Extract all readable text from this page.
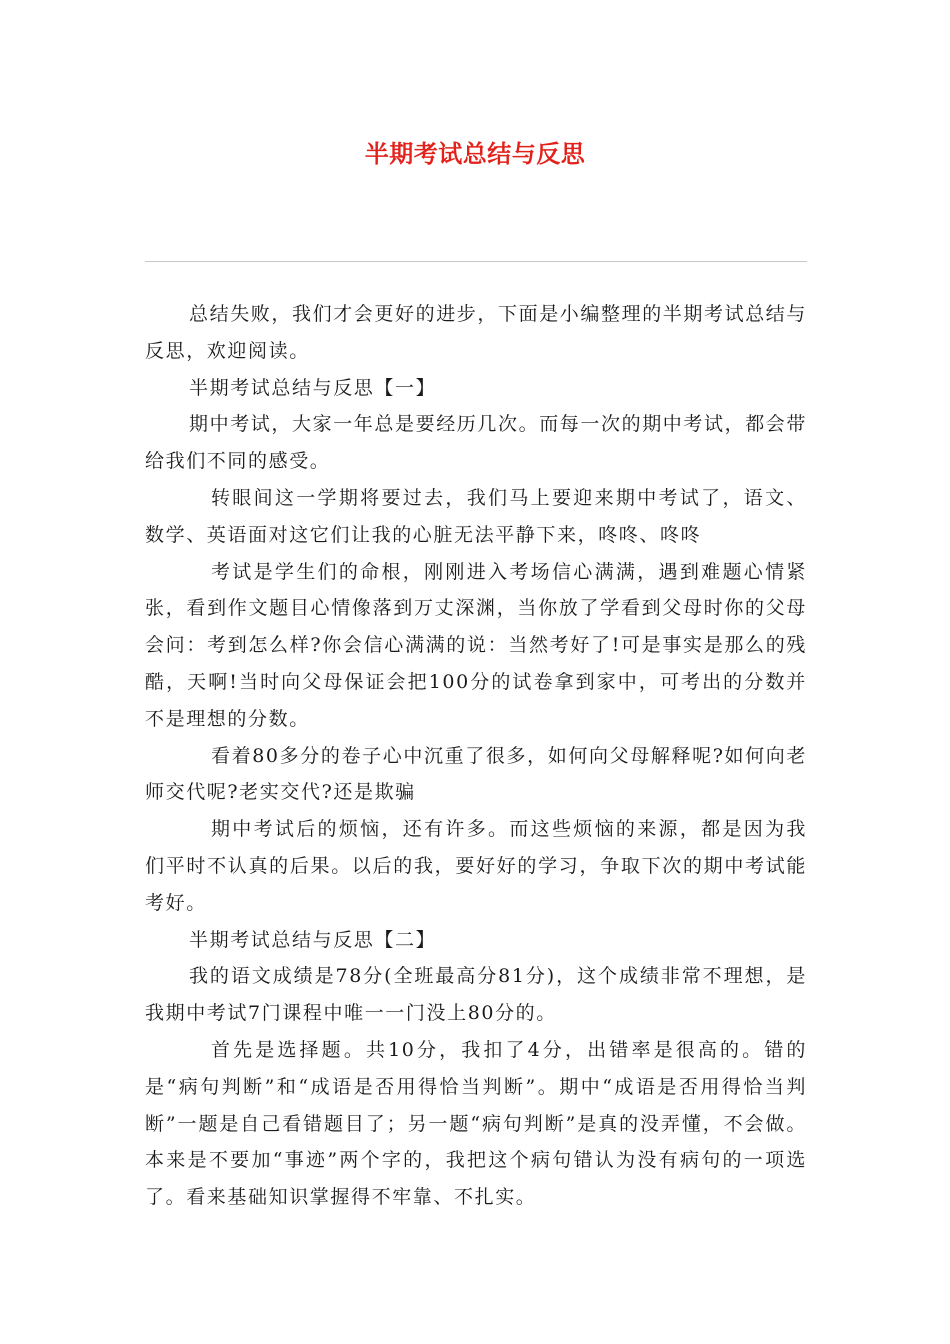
半期考试总结与反思

总结失败，我们才会更好的进步，下面是小编整理的半期考试总结与反思，欢迎阅读。

半期考试总结与反思【一】

期中考试，大家一年总是要经历几次。而每一次的期中考试，都会带给我们不同的感受。

转眼间这一学期将要过去，我们马上要迎来期中考试了，语文、数学、英语面对这它们让我的心脏无法平静下来，咚咚、咚咚

考试是学生们的命根，刚刚进入考场信心满满，遇到难题心情紧张，看到作文题目心情像落到万丈深渊，当你放了学看到父母时你的父母会问：考到怎么样?你会信心满满的说：当然考好了!可是事实是那么的残酷，天啊!当时向父母保证会把100分的试卷拿到家中，可考出的分数并不是理想的分数。

看着80多分的卷子心中沉重了很多，如何向父母解释呢?如何向老师交代呢?老实交代?还是欺骗

期中考试后的烦恼，还有许多。而这些烦恼的来源，都是因为我们平时不认真的后果。以后的我，要好好的学习，争取下次的期中考试能考好。

半期考试总结与反思【二】

我的语文成绩是78分(全班最高分81分)，这个成绩非常不理想，是我期中考试7门课程中唯一一门没上80分的。

首先是选择题。共10分，我扣了4分，出错率是很高的。错的是“病句判断”和“成语是否用得恰当判断”。期中“成语是否用得恰当判断”一题是自己看错题目了；另一题“病句判断”是真的没弄懂，不会做。本来是不要加“事迹”两个字的，我把这个病句错认为没有病句的一项选了。看来基础知识掌握得不牢靠、不扎实。
